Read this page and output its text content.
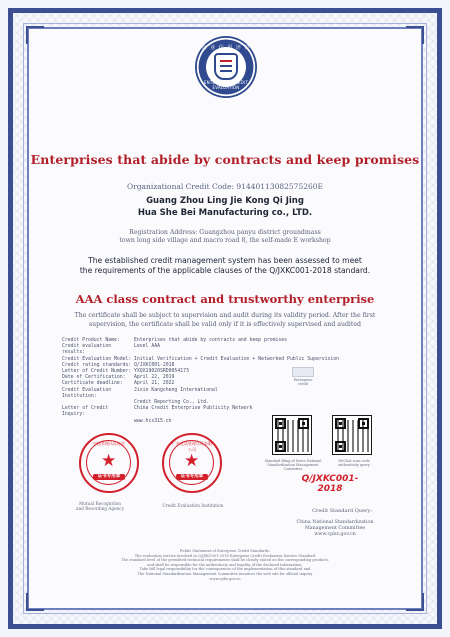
企 业 信 用 评 价
ENTERPRISE CREDIT EVALUATION
Enterprises that abide by contracts and keep promises
Organizational Credit Code: 91440113082575260E
Guang Zhou Ling Jie Kong Qi Jing
Hua She Bei Manufacturing co., LTD.
Registration Address: Guangzhou panyu district groundmass
town long side village and macro road 8, the self-made E workshop
The established credit management system has been assessed to meet
the requirements of the applicable clauses of the Q/JXKC001-2018 standard.
AAA class contract and trustworthy enterprise
The certificate shall be subject to supervision and audit during its validity period. After the first
supervision, the certificate shall be valid only if it is effectively supervised and audited
Credit Product Name:	Enterprises that abide by contracts and keep promises
Credit evaluation results:
Level AAA
Credit Evaluation Model: Initial Verification + Credit Evaluation + Networked Public Supervision
Credit rating standards: Q/JXKC001-2018
Letter of Credit Number: YXQX19020SRD0054173
Date of Certification:	April 22, 2019
Certificate deadline:	April 21, 2022
Credit Evaluation Institution:
Jixin Kangcheng International
Credit Reporting Co., Ltd.
Letter of Credit Inquiry:
China Credit Enterprise Publicity Network
www.hcx315.cn
Enterprise credit
中国管理认证协会
★
证书专用章
Mutual Recognition
and Recording Agency
广东优质管理认证有限公司
★
证书专用章
Credit Evaluation Institution
Standard filing of Swiss National
Standardization Management Committee
WeChat scan code
authenticity query
Q/JXKC001-
2018
Credit Standard Query:
China National Standardization
Management Committee
www.cpbz.gov.cn
Public Statement of Enterprise Credit Standards:
The evaluation service involved in Q/JXKC001-2018 Enterprise Credit Evaluation Service Standard
The standard level of the permitted technical requirements shall be clearly stated on the corresponding products
and shall be responsible for the authenticity and legality of the declared information.
Take full legal responsibility for the consequences of the implementation of this standard and
The National Standardization Management Committee monitors the web site for official inquiry
www.cpbz.gov.cn
